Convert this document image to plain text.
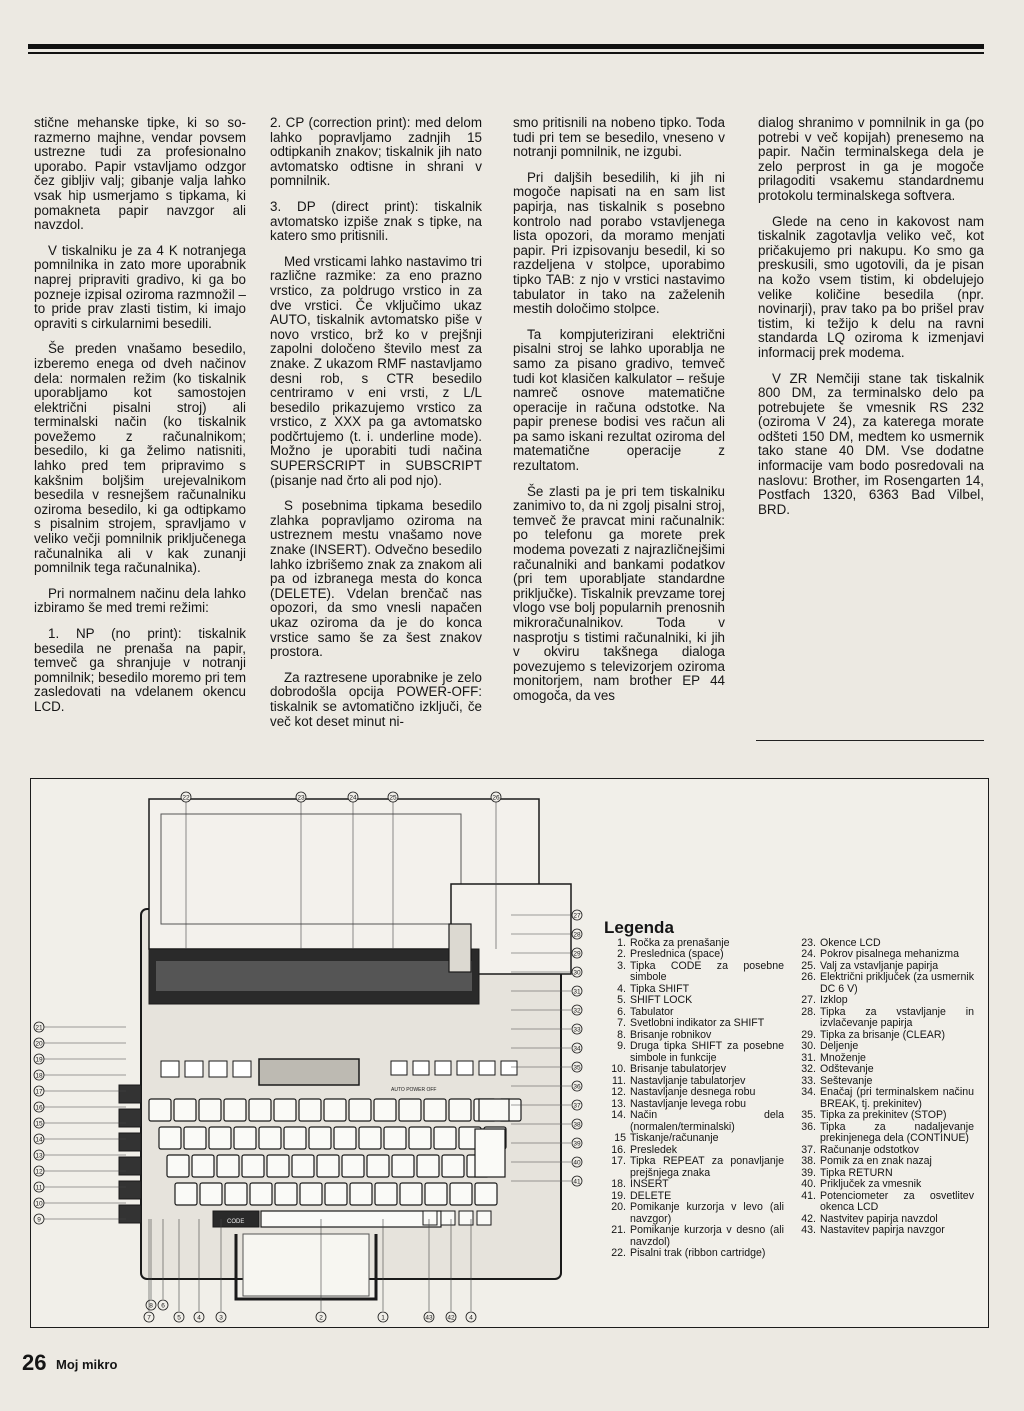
stične mehanske tipke, ki so so-razmerno majhne, vendar povsem ustrezne tudi za profesionalno uporabo. Papir vstavljamo odzgor čez gibljiv valj; gibanje valja lahko vsak hip usmerjamo s tipkama, ki pomakneta papir navzgor ali navzdol.

V tiskalniku je za 4 K notranjega pomnilnika in zato more uporabnik naprej pripraviti gradivo, ki ga bo pozneje izpisal oziroma razmnožil – to pride prav zlasti tistim, ki imajo opraviti s cirkularnimi besedili.

Še preden vnašamo besedilo, izberemo enega od dveh načinov dela: normalen režim (ko tiskalnik uporabljamo kot samostojen električni pisalni stroj) ali terminalski način (ko tiskalnik povežemo z računalnikom; besedilo, ki ga želimo natisniti, lahko pred tem pripravimo s kakšnim boljšim urejevalnikom besedila v resnejšem računalniku oziroma besedilo, ki ga odtipkamo s pisalnim strojem, spravljamo v veliko večji pomnilnik priključenega računalnika ali v kak zunanji pomnilnik tega računalnika).

Pri normalnem načinu dela lahko izbiramo še med tremi režimi:

1. NP (no print): tiskalnik besedila ne prenaša na papir, temveč ga shranjuje v notranji pomnilnik; besedilo moremo pri tem zasledovati na vdelanem okencu LCD.

2. CP (correction print): med delom lahko popravljamo zadnjih 15 odtipkanih znakov; tiskalnik jih nato avtomatsko odtisne in shrani v pomnilnik.

3. DP (direct print): tiskalnik avtomatsko izpiše znak s tipke, na katero smo pritisnili.

Med vrsticami lahko nastavimo tri različne razmike: za eno prazno vrstico, za poldrugo vrstico in za dve vrstici. Če vključimo ukaz AUTO, tiskalnik avtomatsko piše v novo vrstico, brž ko v prejšnji zapolni določeno število mest za znake. Z ukazom RMF nastavljamo desni rob, s CTR besedilo centriramo v eni vrsti, z L/L besedilo prikazujemo vrstico za vrstico, z XXX pa ga avtomatsko podčrtujemo (t. i. underline mode). Možno je uporabiti tudi načina SUPERSCRIPT in SUBSCRIPT (pisanje nad črto ali pod njo).

S posebnima tipkama besedilo zlahka popravljamo oziroma na ustreznem mestu vnašamo nove znake (INSERT). Odvečno besedilo lahko izbrišemo znak za znakom ali pa od izbranega mesta do konca (DELETE). Vdelan brenčač nas opozori, da smo vnesli napačen ukaz oziroma da je do konca vrstice samo še za šest znakov prostora.

Za raztresene uporabnike je zelo dobrodošla opcija POWER-OFF: tiskalnik se avtomatično izključi, če več kot deset minut ni-

smo pritisnili na nobeno tipko. Toda tudi pri tem se besedilo, vneseno v notranji pomnilnik, ne izgubi.

Pri daljših besedilih, ki jih ni mogoče napisati na en sam list papirja, nas tiskalnik s posebno kontrolo nad porabo vstavljenega lista opozori, da moramo menjati papir. Pri izpisovanju besedil, ki so razdeljena v stolpce, uporabimo tipko TAB: z njo v vrstici nastavimo tabulator in tako na zaželenih mestih določimo stolpce.

Ta kompjuterizirani električni pisalni stroj se lahko uporablja ne samo za pisano gradivo, temveč tudi kot klasičen kalkulator – rešuje namreč osnove matematične operacije in računa odstotke. Na papir prenese bodisi ves račun ali pa samo iskani rezultat oziroma del matematične operacije z rezultatom.

Še zlasti pa je pri tem tiskalniku zanimivo to, da ni zgolj pisalni stroj, temveč že pravcat mini računalnik: po telefonu ga morete prek modema povezati z najrazličnejšimi računalniki and bankami podatkov (pri tem uporabljate standardne priključke). Tiskalnik prevzame torej vlogo vse bolj popularnih prenosnih mikroračunalnikov. Toda v nasprotju s tistimi računalniki, ki jih v okviru takšnega dialoga povezujemo s televizorjem oziroma monitorjem, nam brother EP 44 omogoča, da ves

dialog shranimo v pomnilnik in ga (po potrebi v več kopijah) prenesemo na papir. Način terminalskega dela je zelo perprost in ga je mogoče prilagoditi vsakemu standardnemu protokolu terminalskega softvera.

Glede na ceno in kakovost nam tiskalnik zagotavlja veliko več, kot pričakujemo pri nakupu. Ko smo ga preskusili, smo ugotovili, da je pisan na kožo vsem tistim, ki obdelujejo velike količine besedila (npr. novinarji), prav tako pa bo prišel prav tistim, ki težijo k delu na ravni standarda LQ oziroma k izmenjavi informacij prek modema.

V ZR Nemčiji stane tak tiskalnik 800 DM, za terminalsko delo pa potrebujete še vmesnik RS 232 (oziroma V 24), za katerega morate odšteti 150 DM, medtem ko usmernik tako stane 40 DM. Vse dodatne informacije vam bodo posredovali na naslovu: Brother, im Rosengarten 14, Postfach 1320, 6363 Bad Vilbel, BRD.

CODE
AUTO POWER OFF
22	23	24	25	26
27
28
29
30
31
32
33
34
35
36
37
38
39
40
41
21
20
19
18
17
16
15
14
13
12
11
10
9
8 6
7	5	4	3	2	1	43 42 4
Legenda
1. Ročka za prenašanje
2. Preslednica (space)
3. Tipka CODE za posebne simbole
4. Tipka SHIFT
5. SHIFT LOCK
6. Tabulator
7. Svetlobni indikator za SHIFT
8. Brisanje robnikov
9. Druga tipka SHIFT za posebne simbole in funkcije
10. Brisanje tabulatorjev
11. Nastavljanje tabulatorjev
12. Nastavljanje desnega robu
13. Nastavljanje levega robu
14. Način dela (normalen/terminalski)
15 Tiskanje/računanje
16. Presledek
17. Tipka REPEAT za ponavljanje prejšnjega znaka
18. INSERT
19. DELETE
20. Pomikanje kurzorja v levo (ali navzgor)
21. Pomikanje kurzorja v desno (ali navzdol)
22. Pisalni trak (ribbon cartridge)
23. Okence LCD
24. Pokrov pisalnega mehanizma
25. Valj za vstavljanje papirja
26. Električni priključek (za usmernik DC 6 V)
27. Izklop
28. Tipka za vstavljanje in izvlačevanje papirja
29. Tipka za brisanje (CLEAR)
30. Deljenje
31. Množenje
32. Odštevanje
33. Seštevanje
34. Enačaj (pri terminalskem načinu BREAK, tj. prekinitev)
35. Tipka za prekinitev (STOP)
36. Tipka za nadaljevanje prekinjenega dela (CONTINUE)
37. Računanje odstotkov
38. Pomik za en znak nazaj
39. Tipka RETURN
40. Priključek za vmesnik
41. Potenciometer za osvetlitev okenca LCD
42. Nastvitev papirja navzdol
43. Nastavitev papirja navzgor
26 Moj mikro
